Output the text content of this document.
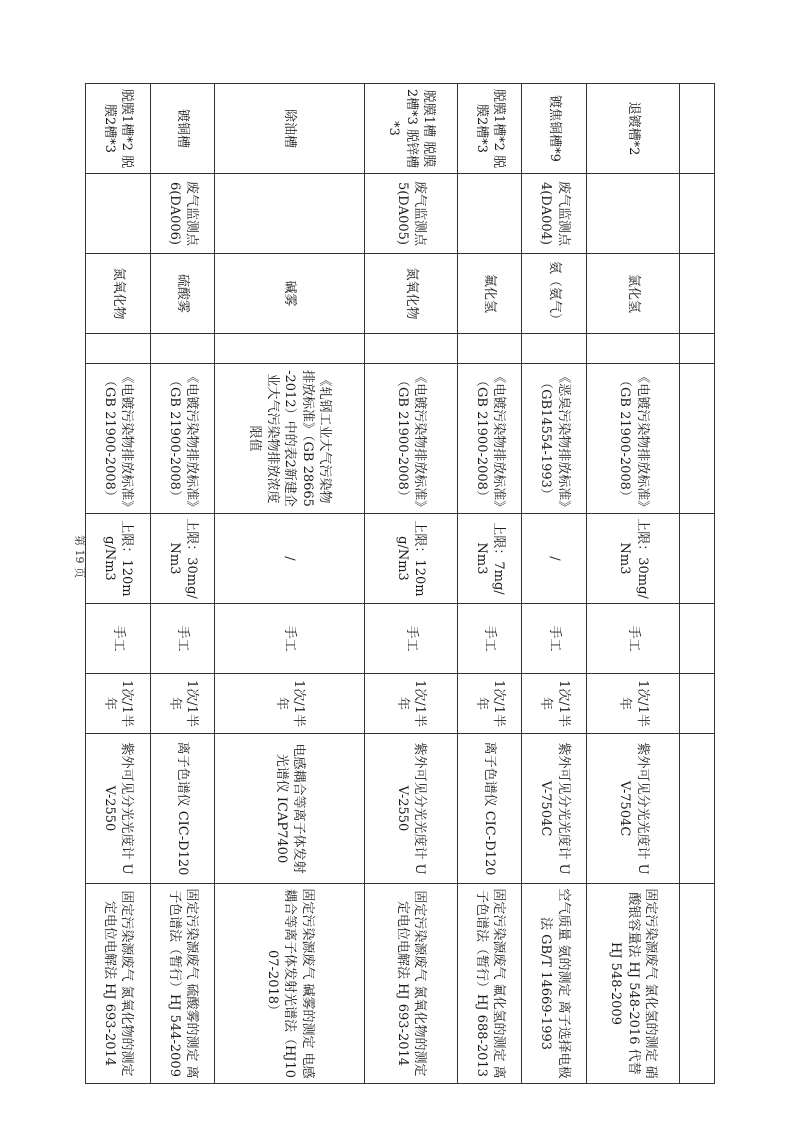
退镀槽*2		氯化氢		《电镀污染物排放标准》（GB 21900-2008）	上限：30mg/Nm3	手工	1次/1半年	紫外可见分光光度计 UV-7504C	固定污染源废气 氯化氢的测定 硝酸银容量法 HJ 548-2016 代替 HJ 548-2009
镀焦铜槽*9	废气监测点 4(DA004)	氨（氨气）		《恶臭污染物排放标准》（GB14554-1993）	/	手工	1次/1半年	紫外可见分光光度计 UV-7504C	空气质量 氨的测定 离子选择电极法 GB/T 14669-1993
脱膜1槽*2 脱膜2槽*3		氟化氢		《电镀污染物排放标准》（GB 21900-2008）	上限：7mg/Nm3	手工	1次/1半年	离子色谱仪 CIC-D120	固定污染源废气 氟化氢的测定 离子色谱法（暂行）HJ 688-2013
脱膜1槽 脱膜2槽*3 脱锌槽*3	废气监测点 5(DA005)	氮氧化物		《电镀污染物排放标准》（GB 21900-2008）	上限：120mg/Nm3	手工	1次/1半年	紫外可见分光光度计 UV-2550	固定污染源废气 氮氧化物的测定 定电位电解法 HJ 693-2014
除油槽		碱雾		《轧钢工业大气污染物排放标准》（GB 28665-2012）中的表2新建企业大气污染物排放浓度限值	/	手工	1次/1半年	电感耦合等离子体发射光谱仪 ICAP7400	固定污染源废气 碱雾的测定 电感耦合等离子体发射光谱法（HJ1007-2018）
镀铜槽	废气监测点 6(DA006)	硫酸雾		《电镀污染物排放标准》（GB 21900-2008）	上限：30mg/Nm3	手工	1次/1半年	离子色谱仪 CIC-D120	固定污染源废气 硫酸雾的测定 离子色谱法（暂行）HJ 544-2009
脱膜1槽*2 脱膜2槽*3		氮氧化物		《电镀污染物排放标准》（GB 21900-2008）	上限：120mg/Nm3	手工	1次/1半年	紫外可见分光光度计 UV-2550	固定污染源废气 氮氧化物的测定 定电位电解法 HJ 693-2014
第 19 页
